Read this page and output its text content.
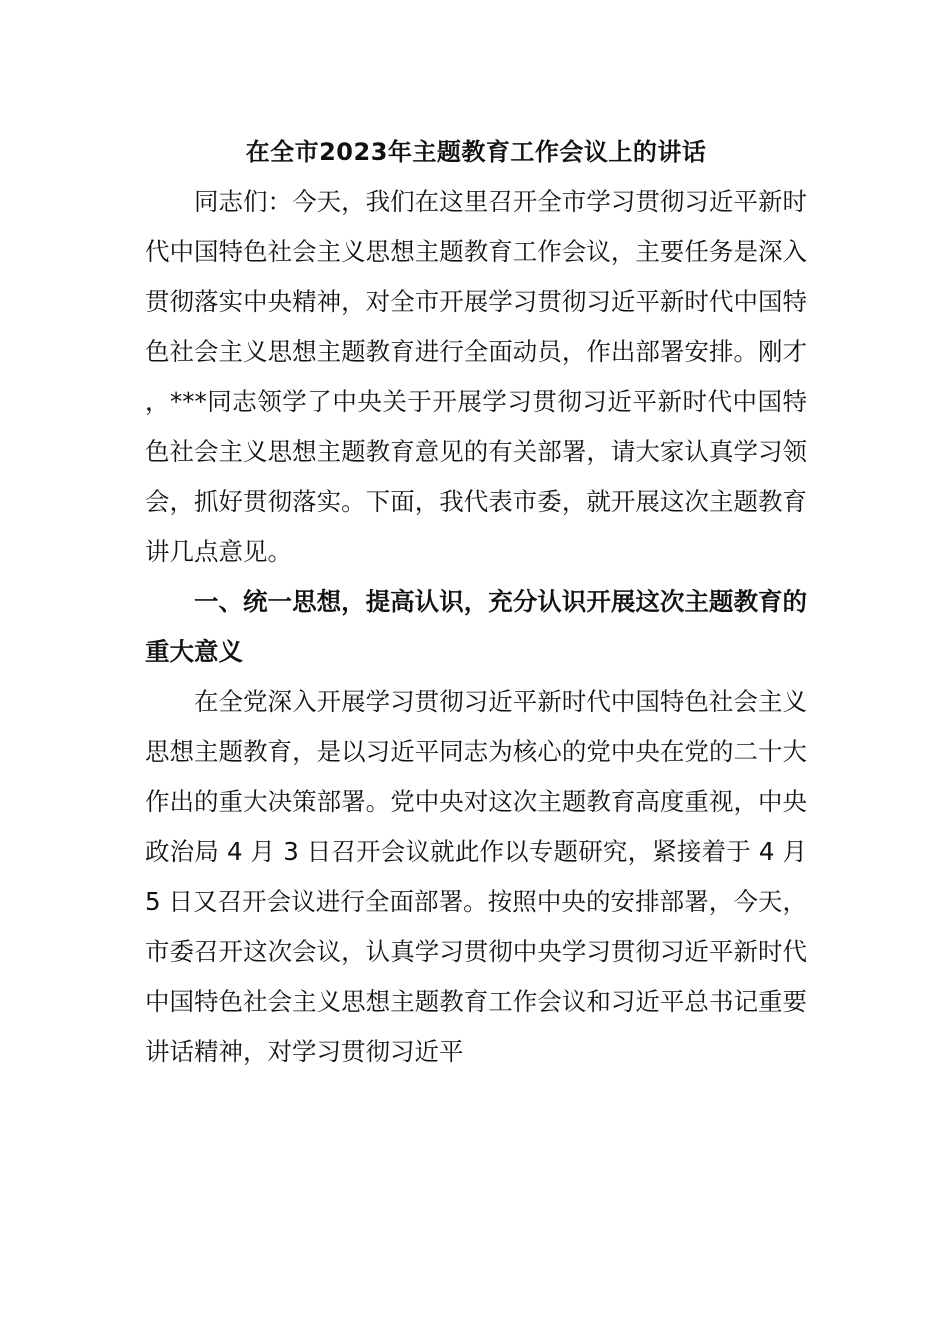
在全市2023年主题教育工作会议上的讲话

同志们：今天，我们在这里召开全市学习贯彻习近平新时代中国特色社会主义思想主题教育工作会议，主要任务是深入贯彻落实中央精神，对全市开展学习贯彻习近平新时代中国特色社会主义思想主题教育进行全面动员，作出部署安排。刚才，***同志领学了中央关于开展学习贯彻习近平新时代中国特色社会主义思想主题教育意见的有关部署，请大家认真学习领会，抓好贯彻落实。下面，我代表市委，就开展这次主题教育讲几点意见。

一、统一思想，提高认识，充分认识开展这次主题教育的重大意义

在全党深入开展学习贯彻习近平新时代中国特色社会主义思想主题教育，是以习近平同志为核心的党中央在党的二十大作出的重大决策部署。党中央对这次主题教育高度重视，中央政治局 4 月 3 日召开会议就此作以专题研究，紧接着于 4 月 5 日又召开会议进行全面部署。按照中央的安排部署，今天，市委召开这次会议，认真学习贯彻中央学习贯彻习近平新时代中国特色社会主义思想主题教育工作会议和习近平总书记重要讲话精神，对学习贯彻习近平
